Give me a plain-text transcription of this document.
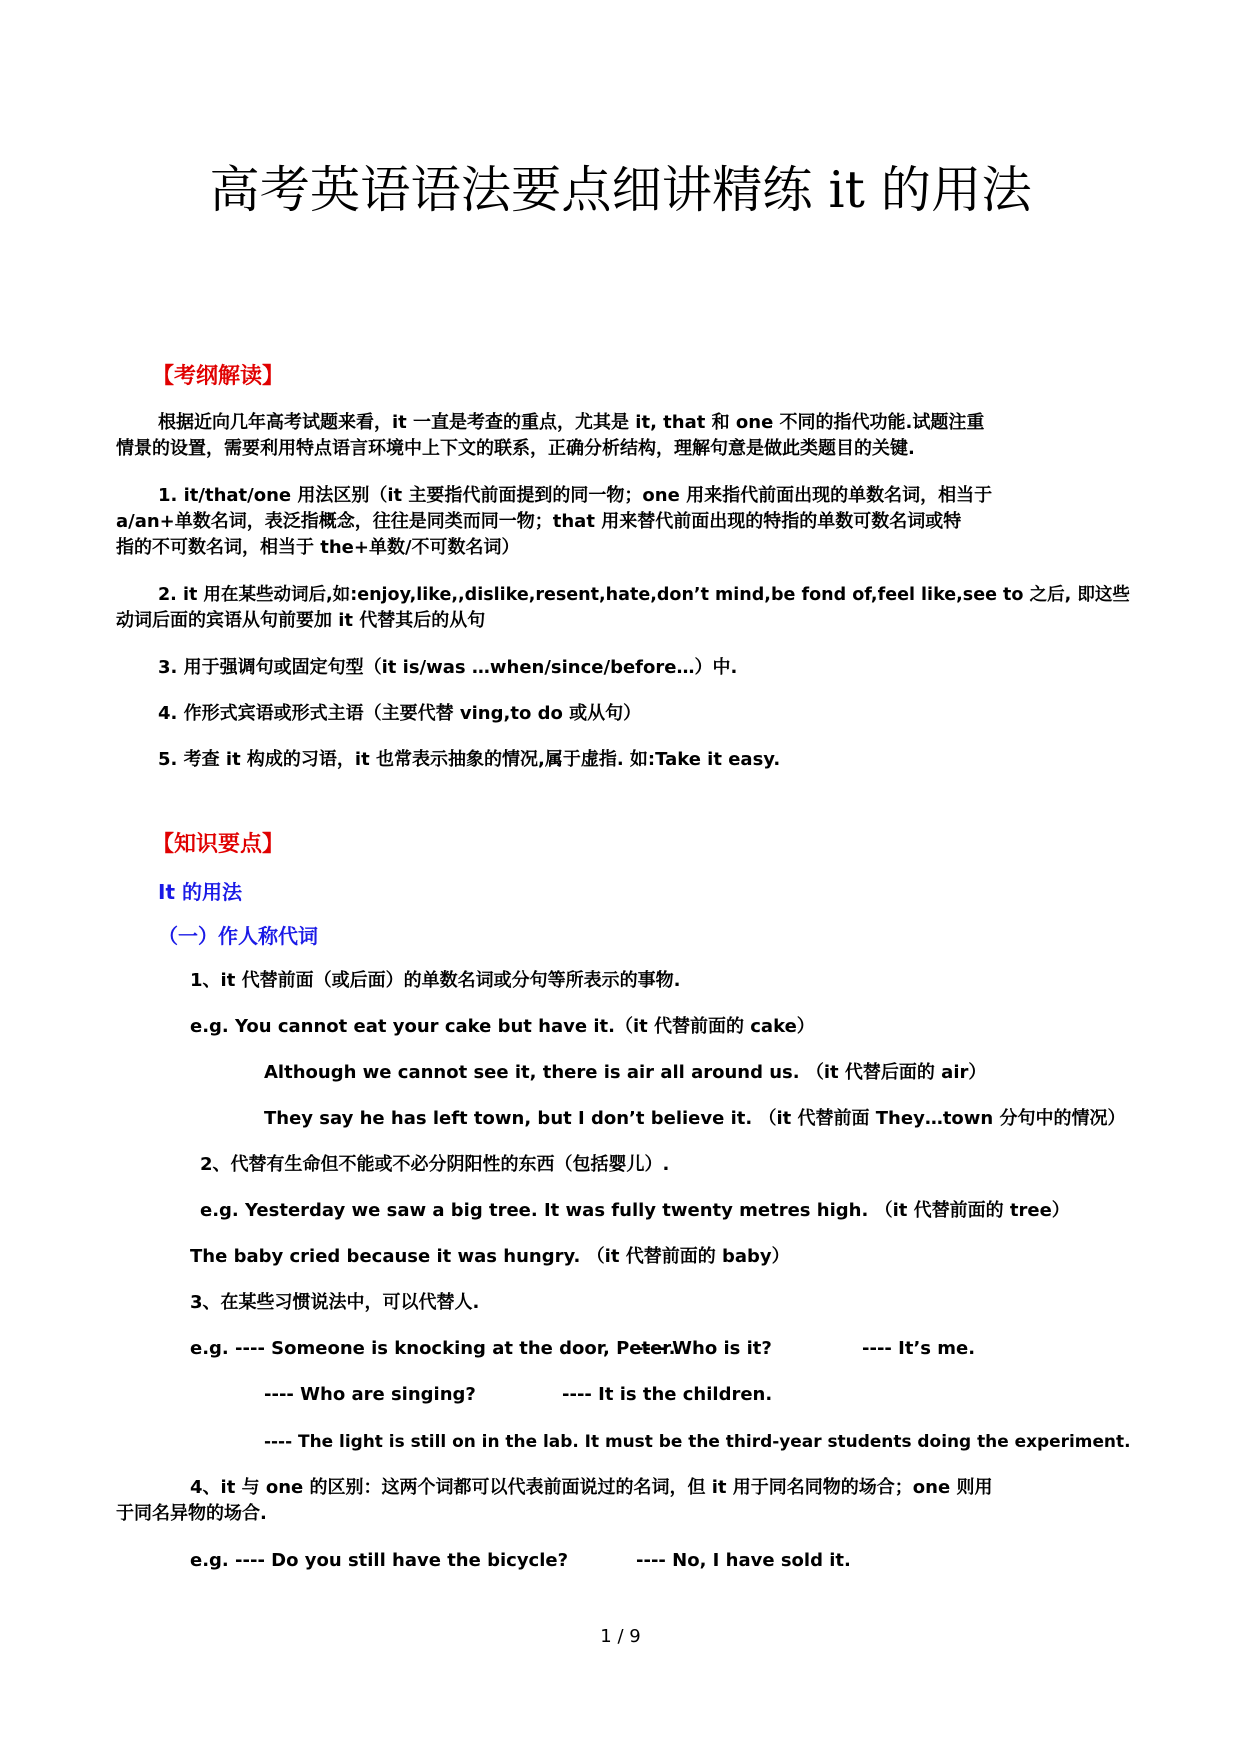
高考英语语法要点细讲精练 it 的用法
【考纲解读】
根据近向几年高考试题来看，it 一直是考查的重点，尤其是 it, that 和 one 不同的指代功能.试题注重
情景的设置，需要利用特点语言环境中上下文的联系，正确分析结构，理解句意是做此类题目的关键.
1. it/that/one 用法区别（it 主要指代前面提到的同一物；one 用来指代前面出现的单数名词，相当于
a/an+单数名词，表泛指概念，往往是同类而同一物；that 用来替代前面出现的特指的单数可数名词或特
指的不可数名词，相当于 the+单数/不可数名词）
2. it 用在某些动词后,如:enjoy,like,,dislike,resent,hate,don’t mind,be fond of,feel like,see to 之后, 即这些
动词后面的宾语从句前要加 it 代替其后的从句
3. 用于强调句或固定句型（it is/was …when/since/before…）中.
4. 作形式宾语或形式主语（主要代替 ving,to do 或从句）
5. 考查 it 构成的习语，it 也常表示抽象的情况,属于虚指. 如:Take it easy.
【知识要点】
It 的用法
（一）作人称代词
1、it 代替前面（或后面）的单数名词或分句等所表示的事物.
e.g. You cannot eat your cake but have it.（it 代替前面的 cake）
Although we cannot see it, there is air all around us. （it 代替后面的 air）
They say he has left town, but I don’t believe it. （it 代替前面 They…town 分句中的情况）
2、代替有生命但不能或不必分阴阳性的东西（包括婴儿）.
e.g. Yesterday we saw a big tree. It was fully twenty metres high. （it 代替前面的 tree）
The baby cried because it was hungry. （it 代替前面的 baby）
3、在某些习惯说法中，可以代替人.
e.g. ---- Someone is knocking at the door, Peter.
---- Who is it?	---- It’s me.
---- Who are singing?	---- It is the children.
---- The light is still on in the lab. It must be the third-year students doing the experiment.
4、it 与 one 的区别：这两个词都可以代表前面说过的名词，但 it 用于同名同物的场合；one 则用
于同名异物的场合.
e.g. ---- Do you still have the bicycle?	---- No, I have sold it.
1 / 9
